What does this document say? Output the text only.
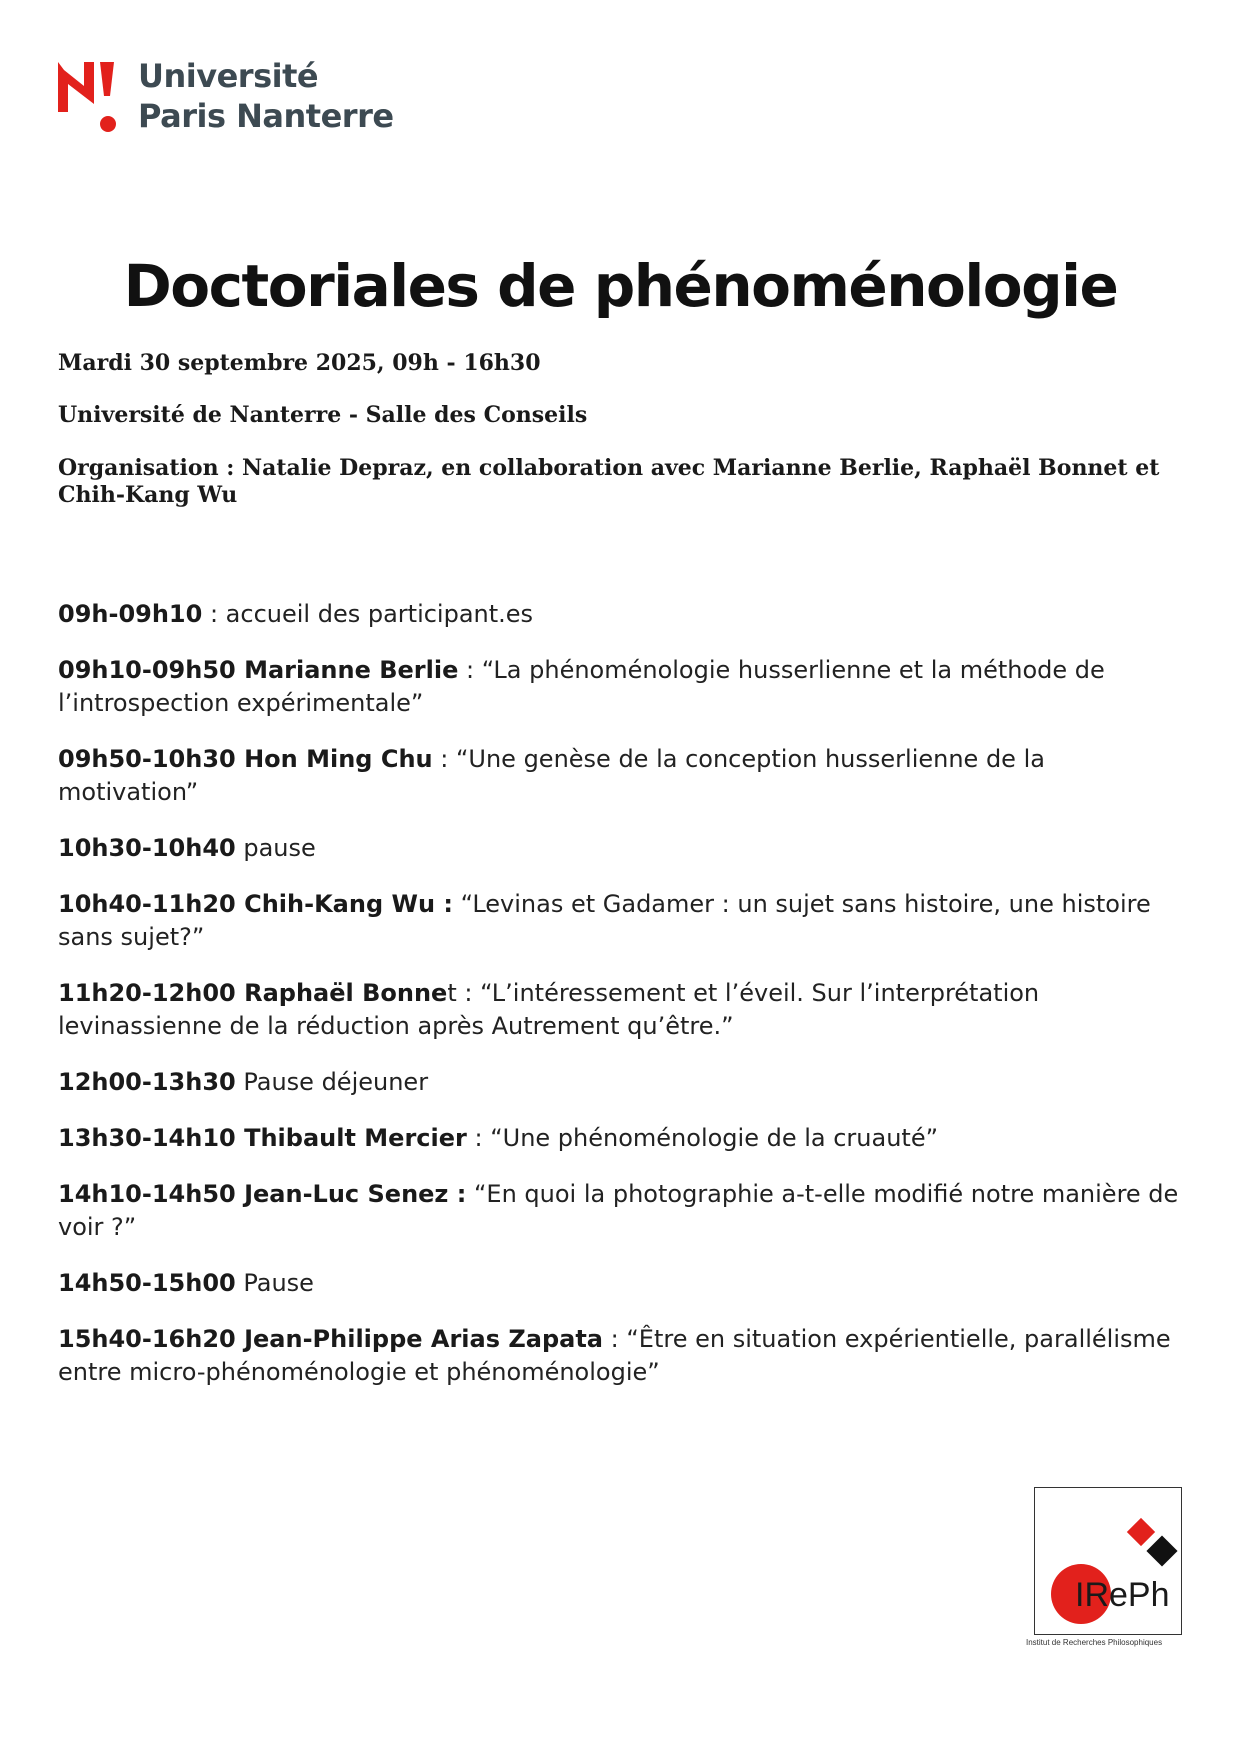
Université
Paris Nanterre
Doctoriales de phénoménologie
Mardi 30 septembre 2025, 09h - 16h30
Université de Nanterre - Salle des Conseils
Organisation : Natalie Depraz, en collaboration avec Marianne Berlie, Raphaël Bonnet et
Chih-Kang Wu

09h-09h10 : accueil des participant.es

09h10-09h50 Marianne Berlie : “La phénoménologie husserlienne et la méthode de l’introspection expérimentale”

09h50-10h30 Hon Ming Chu : “Une genèse de la conception husserlienne de la motivation”

10h30-10h40 pause

10h40-11h20 Chih-Kang Wu : “Levinas et Gadamer : un sujet sans histoire, une histoire sans sujet?”

11h20-12h00 Raphaël Bonnet : “L’intéressement et l’éveil. Sur l’interprétation levinassienne de la réduction après Autrement qu’être.”

12h00-13h30 Pause déjeuner

13h30-14h10 Thibault Mercier : “Une phénoménologie de la cruauté”

14h10-14h50 Jean-Luc Senez : “En quoi la photographie a-t-elle modifié notre manière de voir ?”

14h50-15h00 Pause

15h40-16h20 Jean-Philippe Arias Zapata : “Être en situation expérientielle, parallélisme entre micro-phénoménologie et phénoménologie”

IRePh
Institut de Recherches Philosophiques
